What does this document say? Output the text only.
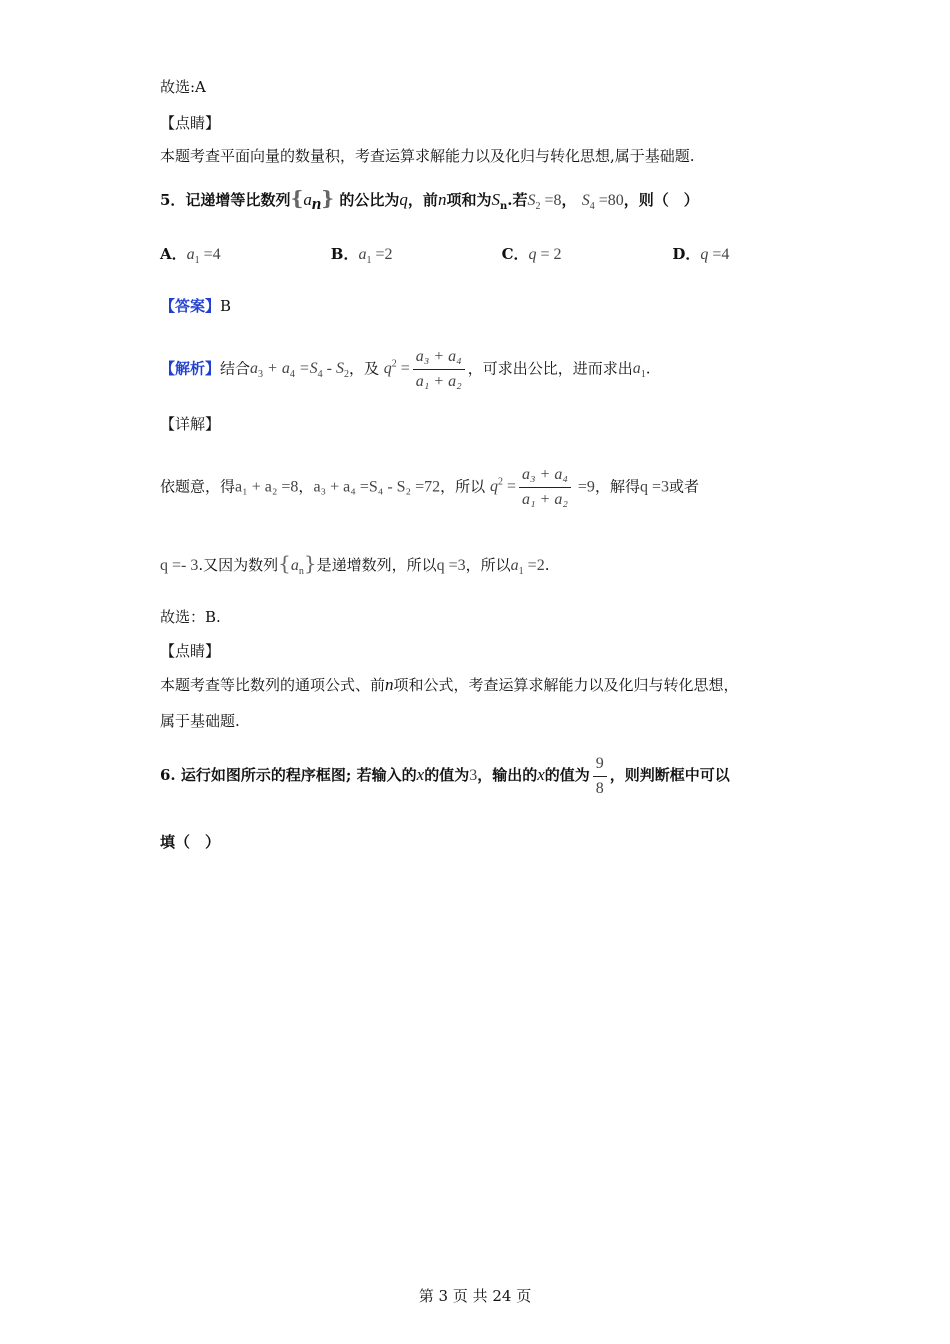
故选:A
【点睛】
本题考查平面向量的数量积，考查运算求解能力以及化归与转化思想,属于基础题.
5．记递增等比数列$\{a_n\}$ 的公比为q，前n项和为$S_n$.若$S_2 =8$， $S_4 =80$，则（　）
A．$a_1 =4$	B．$a_1 =2$	C．q = 2	D．q =4
【答案】B
【解析】结合$a_3 + a_4 =S_4 - S_2$，及 $q^2 = \frac{\text{a₃ + a₄}}{\text{a₁ + a₂}}$ ，可求出公比，进而求出$a_1$.
【详解】
依题意，得a₁ + a₂ =8，a₃ + a₄ =S₄ - S₂ =72，所以 $q^2 = \frac{\text{a₃ + a₄}}{\text{a₁ + a₂}} =9$，解得q =3或者
q =- 3.又因为数列$\{a_n\}$是递增数列，所以q =3，所以$a_1 =2$.
故选：B.
【点睛】
本题考查等比数列的通项公式、前n项和公式，考查运算求解能力以及化归与转化思想，
属于基础题.
6. 运行如图所示的程序框图; 若输入的x的值为3，输出的x的值为 $\frac{9}{8}$ ，则判断框中可以
填（　）
第 3 页 共 24 页
